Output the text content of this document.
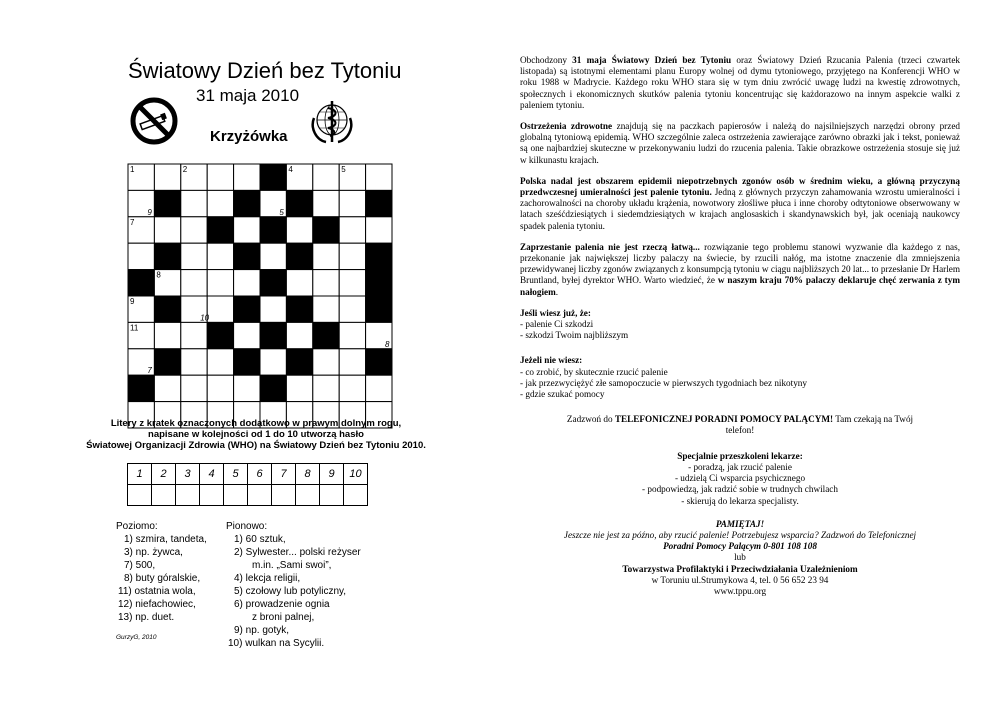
Światowy Dzień bez Tytoniu
31 maja 2010
Krzyżówka
1	2	3 4	5
6
9	5	2
7
4
3
8
1
9	10
10
11
6	8
7
12	13
Litery z kratek oznaczonych dodatkowo w prawym dolnym rogu,
napisane w kolejności od 1 do 10 utworzą hasło
Światowej Organizacji Zdrowia (WHO) na Światowy Dzień bez Tytoniu 2010.
1	2	3	4	5	6	7	8	9	10

Poziomo:
1) szmira, tandeta,
3) np. żywca,
7) 500,
8) buty góralskie,
11) ostatnia wola,
12) niefachowiec,
13) np. duet.
Pionowo:
1) 60 sztuk,
2) Sylwester... polski reżyser
m.in. „Sami swoi”,
4) lekcja religii,
5) czołowy lub potyliczny,
6) prowadzenie ognia
z broni palnej,
9) np. gotyk,
10) wulkan na Sycylii.
GurzyG, 2010

Obchodzony 31 maja Światowy Dzień bez Tytoniu oraz Światowy Dzień Rzucania Palenia (trzeci czwartek listopada) są istotnymi elementami planu Europy wolnej od dymu tytoniowego, przyjętego na Konferencji WHO w roku 1988 w Madrycie. Każdego roku WHO stara się w tym dniu zwrócić uwagę ludzi na kwestię zdrowotnych, społecznych i ekonomicznych skutków palenia tytoniu koncentrując się każdorazowo na innym aspekcie walki z paleniem tytoniu.

Ostrzeżenia zdrowotne znajdują się na paczkach papierosów i należą do najsilniejszych narzędzi obrony przed globalną tytoniową epidemią. WHO szczególnie zaleca ostrzeżenia zawierające zarówno obrazki jak i tekst, ponieważ są one najbardziej skuteczne w przekonywaniu ludzi do rzucenia palenia. Takie obrazkowe ostrzeżenia stosuje się już w kilkunastu krajach.

Polska nadal jest obszarem epidemii niepotrzebnych zgonów osób w średnim wieku, a główną przyczyną przedwczesnej umieralności jest palenie tytoniu. Jedną z głównych przyczyn zahamowania wzrostu umieralności i zachorowalności na choroby układu krążenia, nowotwory złośliwe płuca i inne choroby odtytoniowe obserwowany w latach sześćdziesiątych i siedemdziesiątych w krajach anglosaskich i skandynawskich był, jak oceniają naukowcy spadek palenia tytoniu.

Zaprzestanie palenia nie jest rzeczą łatwą... rozwiązanie tego problemu stanowi wyzwanie dla każdego z nas, przekonanie jak największej liczby palaczy na świecie, by rzucili nałóg, ma istotne znaczenie dla zmniejszenia przewidywanej liczby zgonów związanych z konsumpcją tytoniu w ciągu najbliższych 20 lat... to przesłanie Dr Harlem Bruntland, byłej dyrektor WHO. Warto wiedzieć, że w naszym kraju 70% palaczy deklaruje chęć zerwania z tym nałogiem.

Jeśli wiesz już, że:
- palenie Ci szkodzi
- szkodzi Twoim najbliższym
Jeżeli nie wiesz:
- co zrobić, by skutecznie rzucić palenie
- jak przezwyciężyć złe samopoczucie w pierwszych tygodniach bez nikotyny
- gdzie szukać pomocy
Zadzwoń do TELEFONICZNEJ PORADNI POMOCY PALĄCYM! Tam czekają na Twój telefon!
Specjalnie przeszkoleni lekarze:
- poradzą, jak rzucić palenie
- udzielą Ci wsparcia psychicznego
- podpowiedzą, jak radzić sobie w trudnych chwilach
- skierują do lekarza specjalisty.
PAMIĘTAJ!
Jeszcze nie jest za późno, aby rzucić palenie! Potrzebujesz wsparcia? Zadzwoń do Telefonicznej
Poradni Pomocy Palącym 0-801 108 108
lub
Towarzystwa Profilaktyki i Przeciwdziałania Uzależnieniom
w Toruniu ul.Strumykowa 4, tel. 0 56 652 23 94
www.tppu.org
